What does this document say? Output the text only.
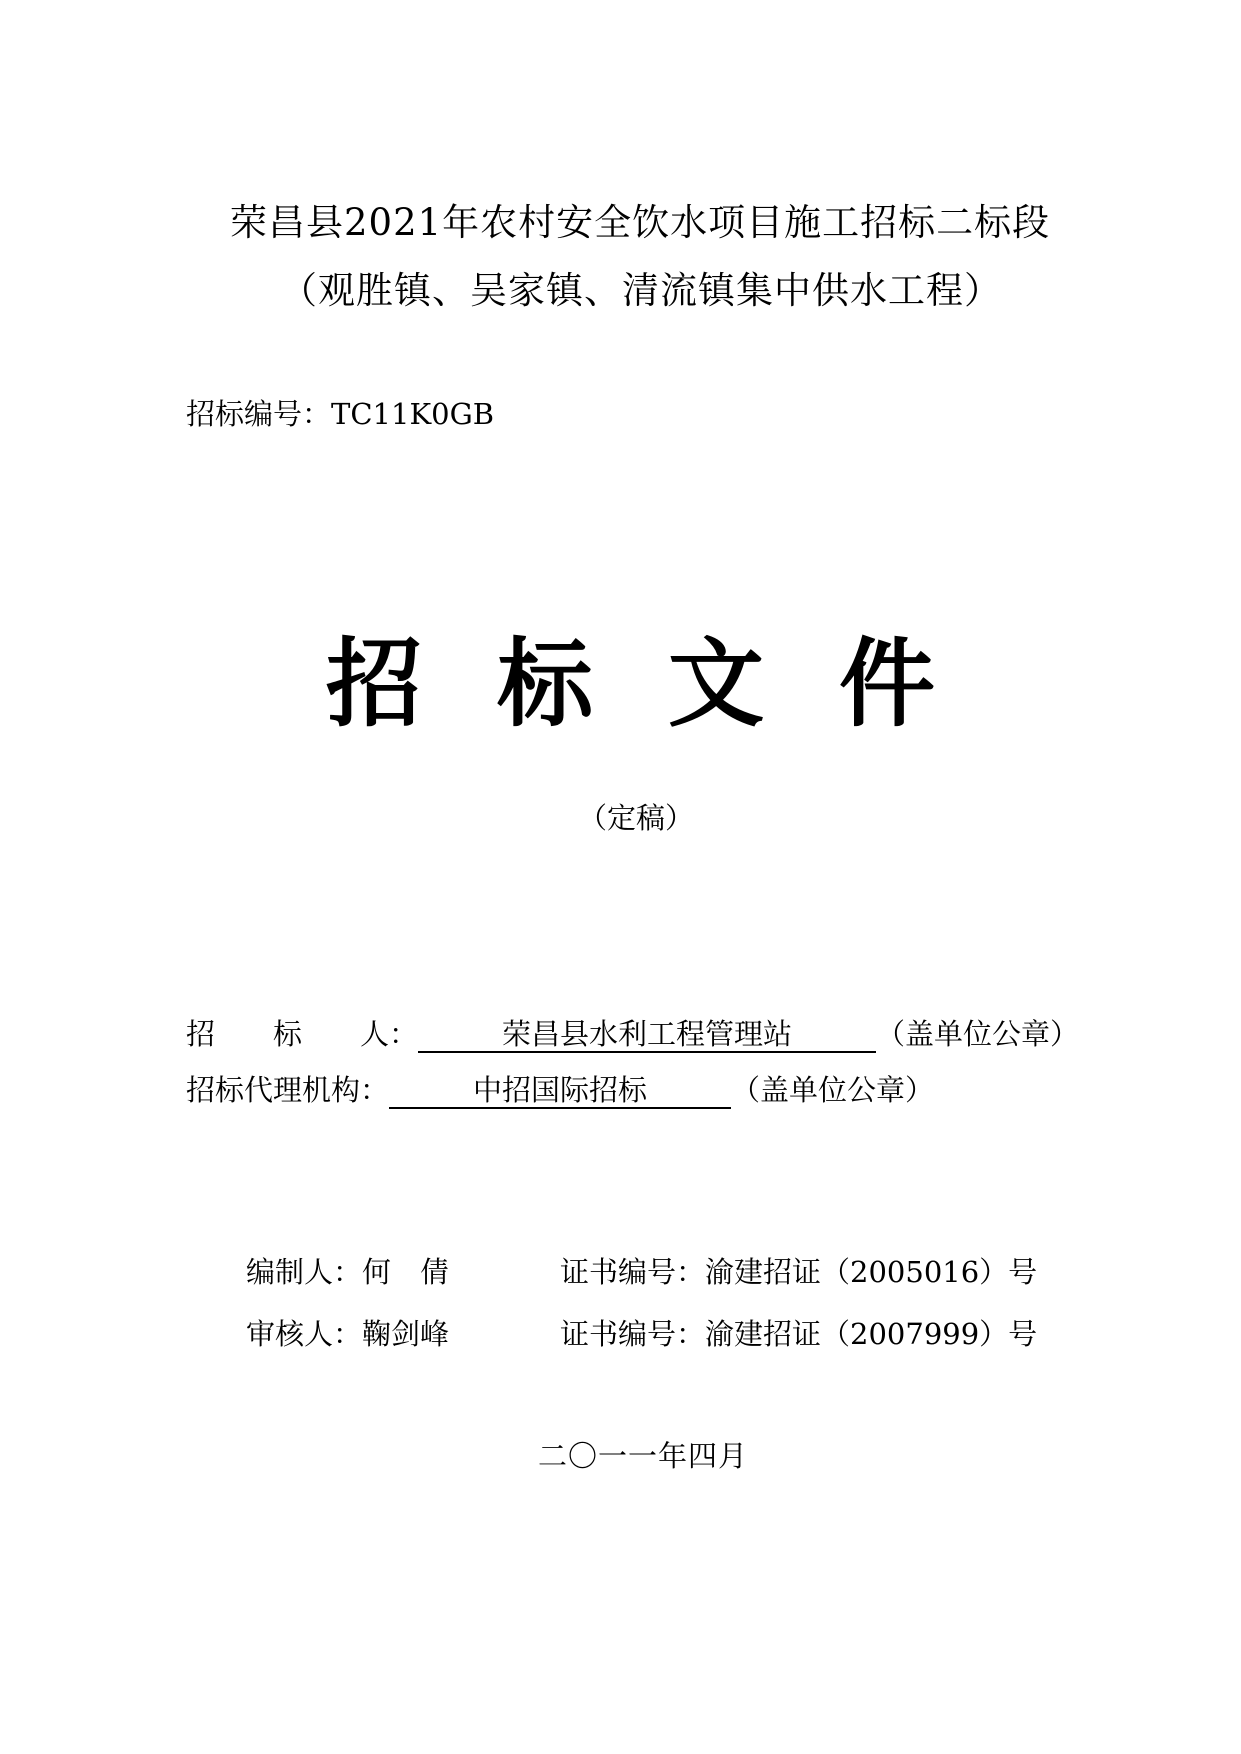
荣昌县2021年农村安全饮水项目施工招标二标段
（观胜镇、吴家镇、清流镇集中供水工程）
招标编号：TC11K0GB
招 标 文 件
（定稿）
招　　标　　人：	荣昌县水利工程管理站	（盖单位公章）
招标代理机构：	中招国际招标	（盖单位公章）
编制人：何　倩	证书编号：渝建招证（2005016）号
审核人：鞠剑峰	证书编号：渝建招证（2007999）号
二〇一一年四月
